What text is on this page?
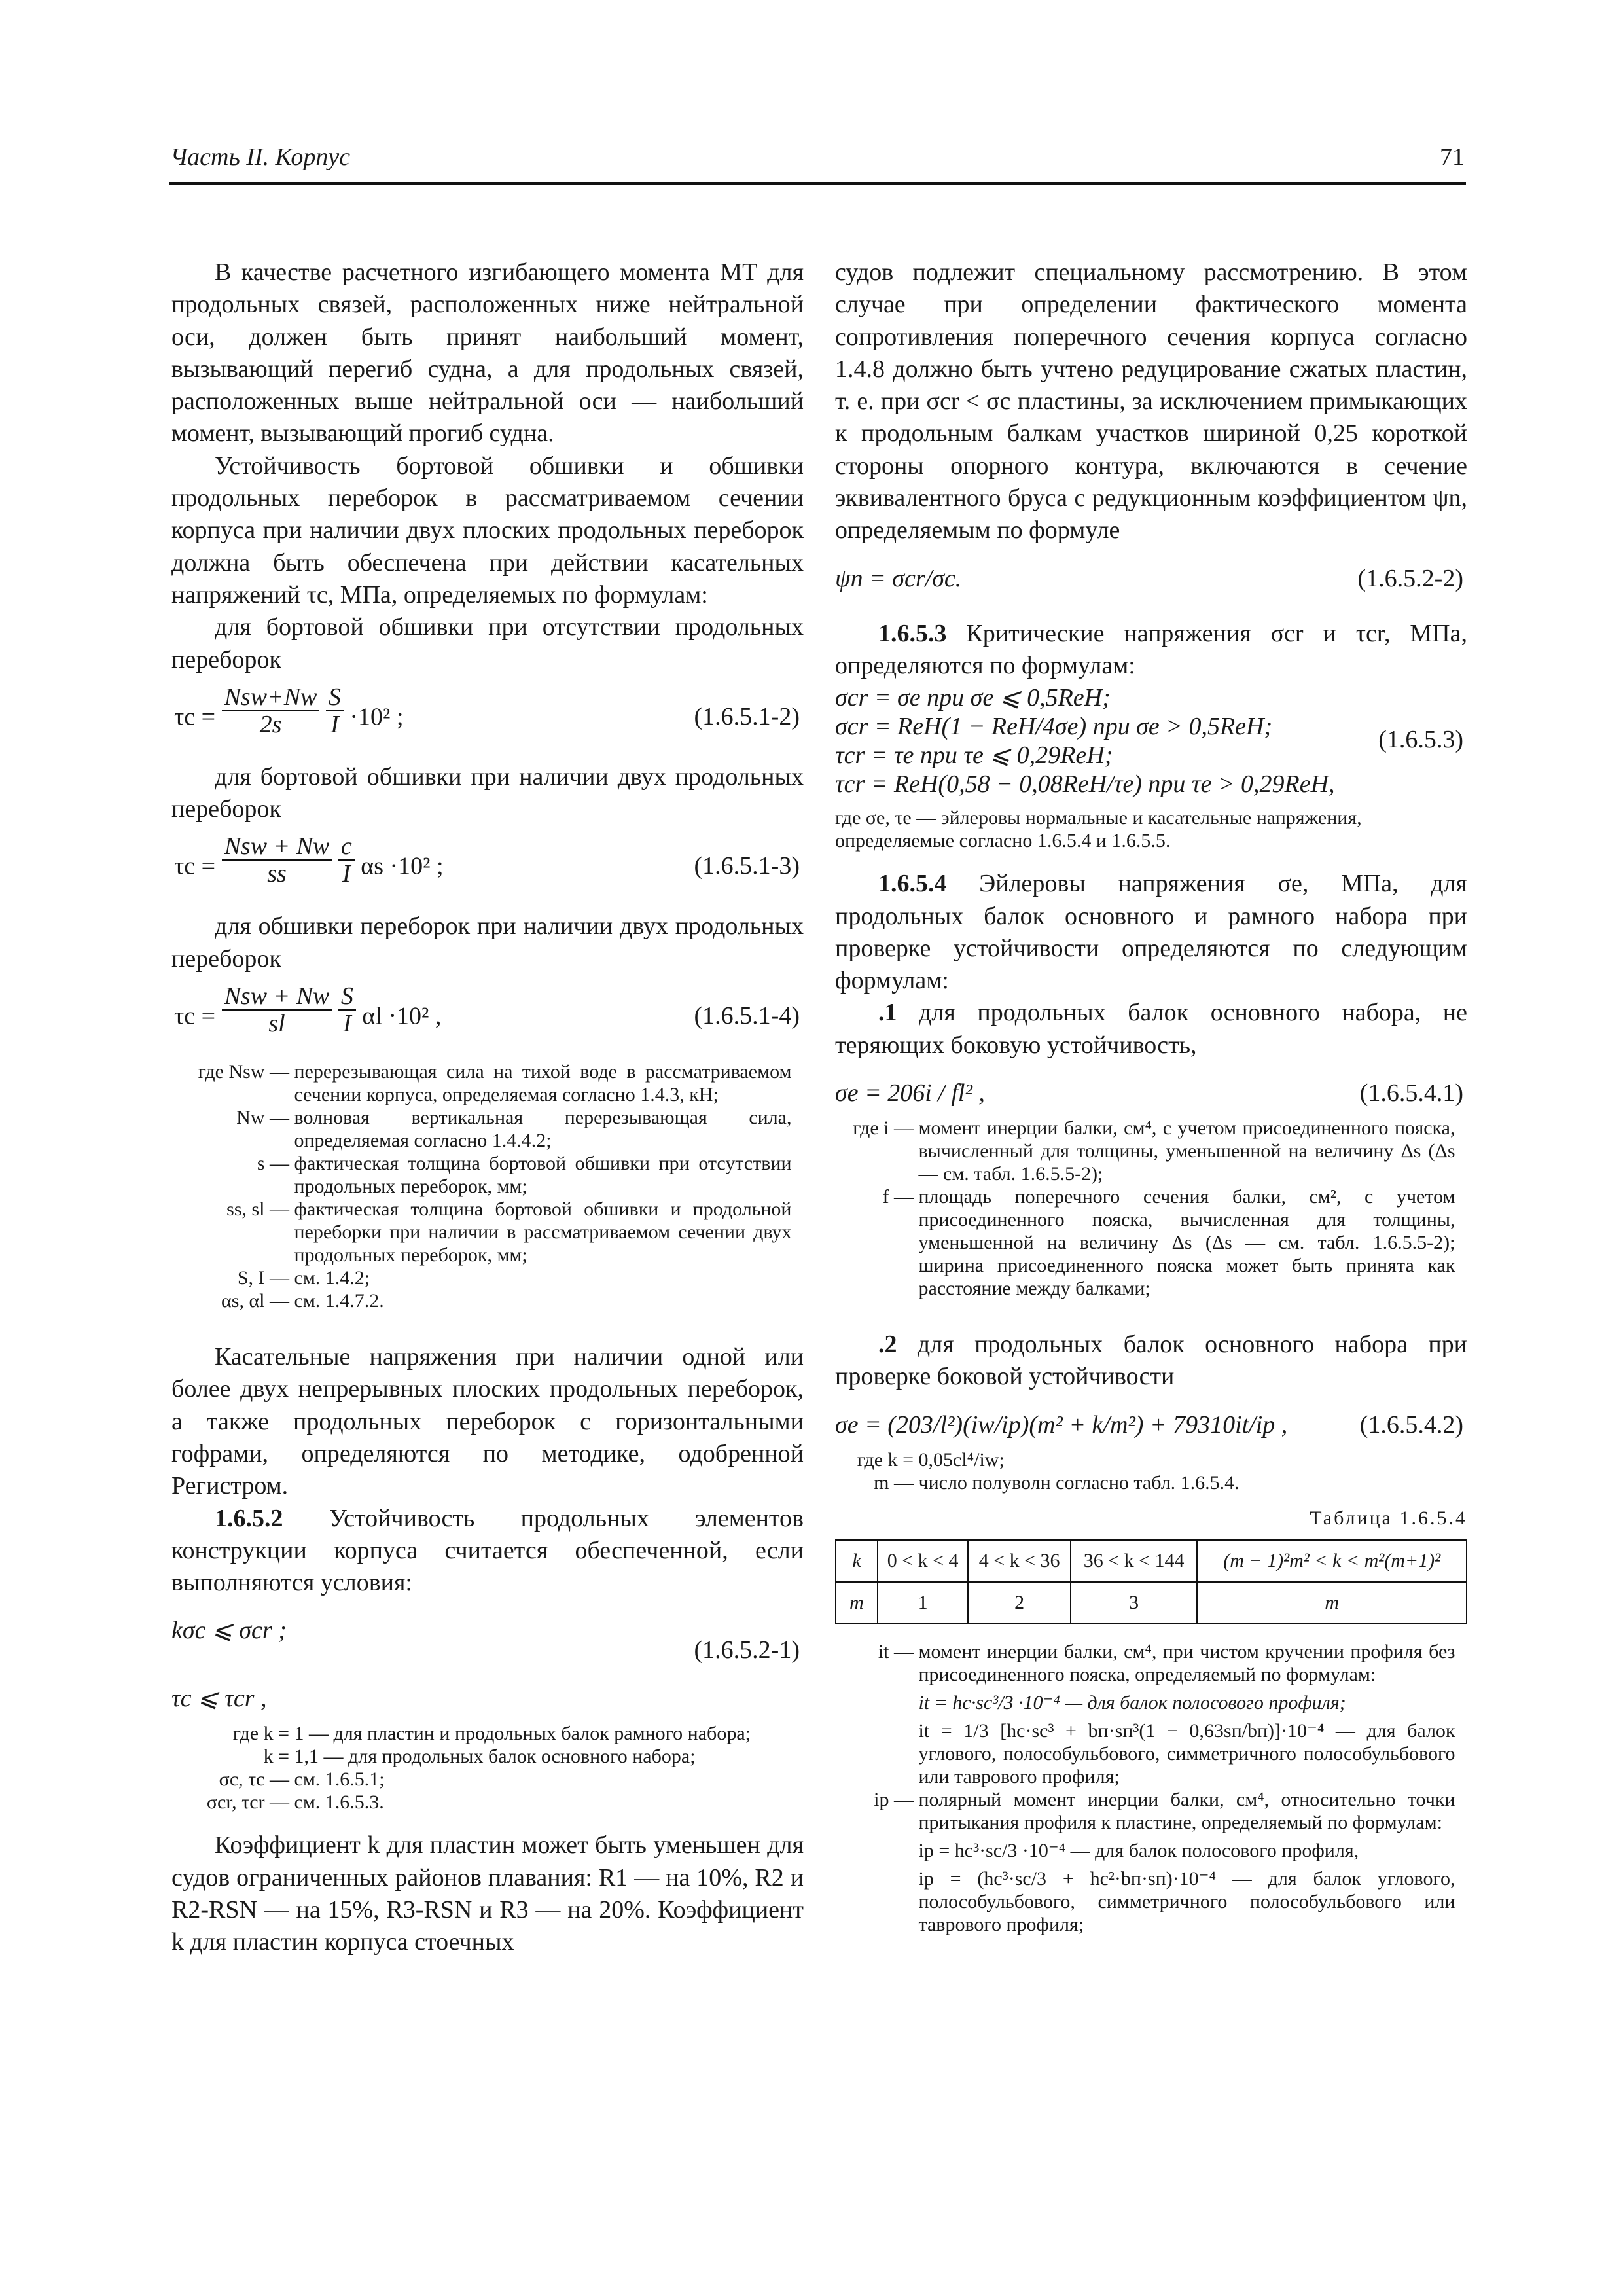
Часть II. Корпус	71

В качестве расчетного изгибающего момента MT для продольных связей, расположенных ниже нейтральной оси, должен быть принят наибольший момент, вызывающий перегиб судна, а для продольных связей, расположенных выше нейтральной оси — наибольший момент, вызывающий прогиб судна.

Устойчивость бортовой обшивки и обшивки продольных переборок в рассматриваемом сечении корпуса при наличии двух плоских продольных переборок должна быть обеспечена при действии касательных напряжений τc, МПа, определяемых по формулам:

для бортовой обшивки при отсутствии продольных переборок

τc =
Nsw+Nw
2s
	$\frac{S}{I} \cdot 10^2$ ;	(1.6.5.1-2)

для бортовой обшивки при наличии двух продольных переборок

τc =
Nsw + Nw
ss
	$\frac{c}{I}$ αs ·10² ;	(1.6.5.1-3)

для обшивки переборок при наличии двух продольных переборок

τc =
Nsw + Nw
sl
	$\frac{S}{I}$ αl ·10² ,	(1.6.5.1-4)
где Nsw — перерезывающая сила на тихой воде в рассматриваемом сечении корпуса, определяемая согласно 1.4.3, кН;
Nw — волновая вертикальная перерезывающая сила, определяемая согласно 1.4.4.2;
s — фактическая толщина бортовой обшивки при отсутствии продольных переборок, мм;
ss, sl — фактическая толщина бортовой обшивки и продольной переборки при наличии в рассматриваемом сечении двух продольных переборок, мм;
S, I — см. 1.4.2;
αs, αl — см. 1.4.7.2.

Касательные напряжения при наличии одной или более двух непрерывных плоских продольных переборок, а также продольных переборок с горизонтальными гофрами, определяются по методике, одобренной Регистром.

1.6.5.2 Устойчивость продольных элементов конструкции корпуса считается обеспеченной, если выполняются условия:

kσc ⩽ σcr ;
(1.6.5.2-1)
τc ⩽ τcr ,
где k = 1 — для пластин и продольных балок рамного набора;
k = 1,1 — для продольных балок основного набора;
σc, τc — см. 1.6.5.1;
σcr, τcr — см. 1.6.5.3.

Коэффициент k для пластин может быть уменьшен для судов ограниченных районов плавания: R1 — на 10%, R2 и R2-RSN — на 15%, R3-RSN и R3 — на 20%. Коэффициент k для пластин корпуса стоечных

судов подлежит специальному рассмотрению. В этом случае при определении фактического момента сопротивления поперечного сечения корпуса согласно 1.4.8 должно быть учтено редуцирование сжатых пластин, т. е. при σcr < σc пластины, за исключением примыкающих к продольным балкам участков шириной 0,25 короткой стороны опорного контура, включаются в сечение эквивалентного бруса с редукционным коэффициентом ψn, определяемым по формуле

ψn = σcr/σc.	(1.6.5.2-2)

1.6.5.3 Критические напряжения σcr и τcr, МПа, определяются по формулам:

σcr = σe при σe ⩽ 0,5ReH;
σcr = ReH(1 − ReH/4σe) при σe > 0,5ReH;
τcr = τe при τe ⩽ 0,29ReH;
τcr = ReH(0,58 − 0,08ReH/τe) при τe > 0,29ReH,
(1.6.5.3)
где σe, τe — эйлеровы нормальные и касательные напряжения, определяемые согласно 1.6.5.4 и 1.6.5.5.

1.6.5.4 Эйлеровы напряжения σe, МПа, для продольных балок основного и рамного набора при проверке устойчивости определяются по следующим формулам:

.1 для продольных балок основного набора, не теряющих боковую устойчивость,

σe = 206i / fl² ,	(1.6.5.4.1)
где i — момент инерции балки, см⁴, с учетом присоединенного пояска, вычисленный для толщины, уменьшенной на величину Δs (Δs — см. табл. 1.6.5.5-2);
f — площадь поперечного сечения балки, см², с учетом присоединенного пояска, вычисленная для толщины, уменьшенной на величину Δs (Δs — см. табл. 1.6.5.5-2); ширина присоединенного пояска может быть принята как расстояние между балками;

.2 для продольных балок основного набора при проверке боковой устойчивости

σe = (203/l²)(iw/ip)(m² + k/m²) + 79310it/ip ,	(1.6.5.4.2)
где k = 0,05cl⁴/iw;
m — число полуволн согласно табл. 1.6.5.4.
Таблица 1.6.5.4
k	0 < k < 4	4 < k < 36	36 < k < 144	(m − 1)²m² < k < m²(m+1)²
m	1	2	3	m
it — момент инерции балки, см⁴, при чистом кручении профиля без присоединенного пояска, определяемый по формулам:
it = hc·sc³/3 ·10⁻⁴ — для балок полосового профиля;
it = 1/3 [hc·sc³ + bп·sп³(1 − 0,63sп/bп)]·10⁻⁴ — для балок углового, полособульбового, симметричного полособульбового или таврового профиля;
ip — полярный момент инерции балки, см⁴, относительно точки притыкания профиля к пластине, определяемый по формулам:
ip = hc³·sc/3 ·10⁻⁴ — для балок полосового профиля,
ip = (hc³·sc/3 + hc²·bп·sп)·10⁻⁴ — для балок углового, полособульбового, симметричного полособульбового или таврового профиля;
